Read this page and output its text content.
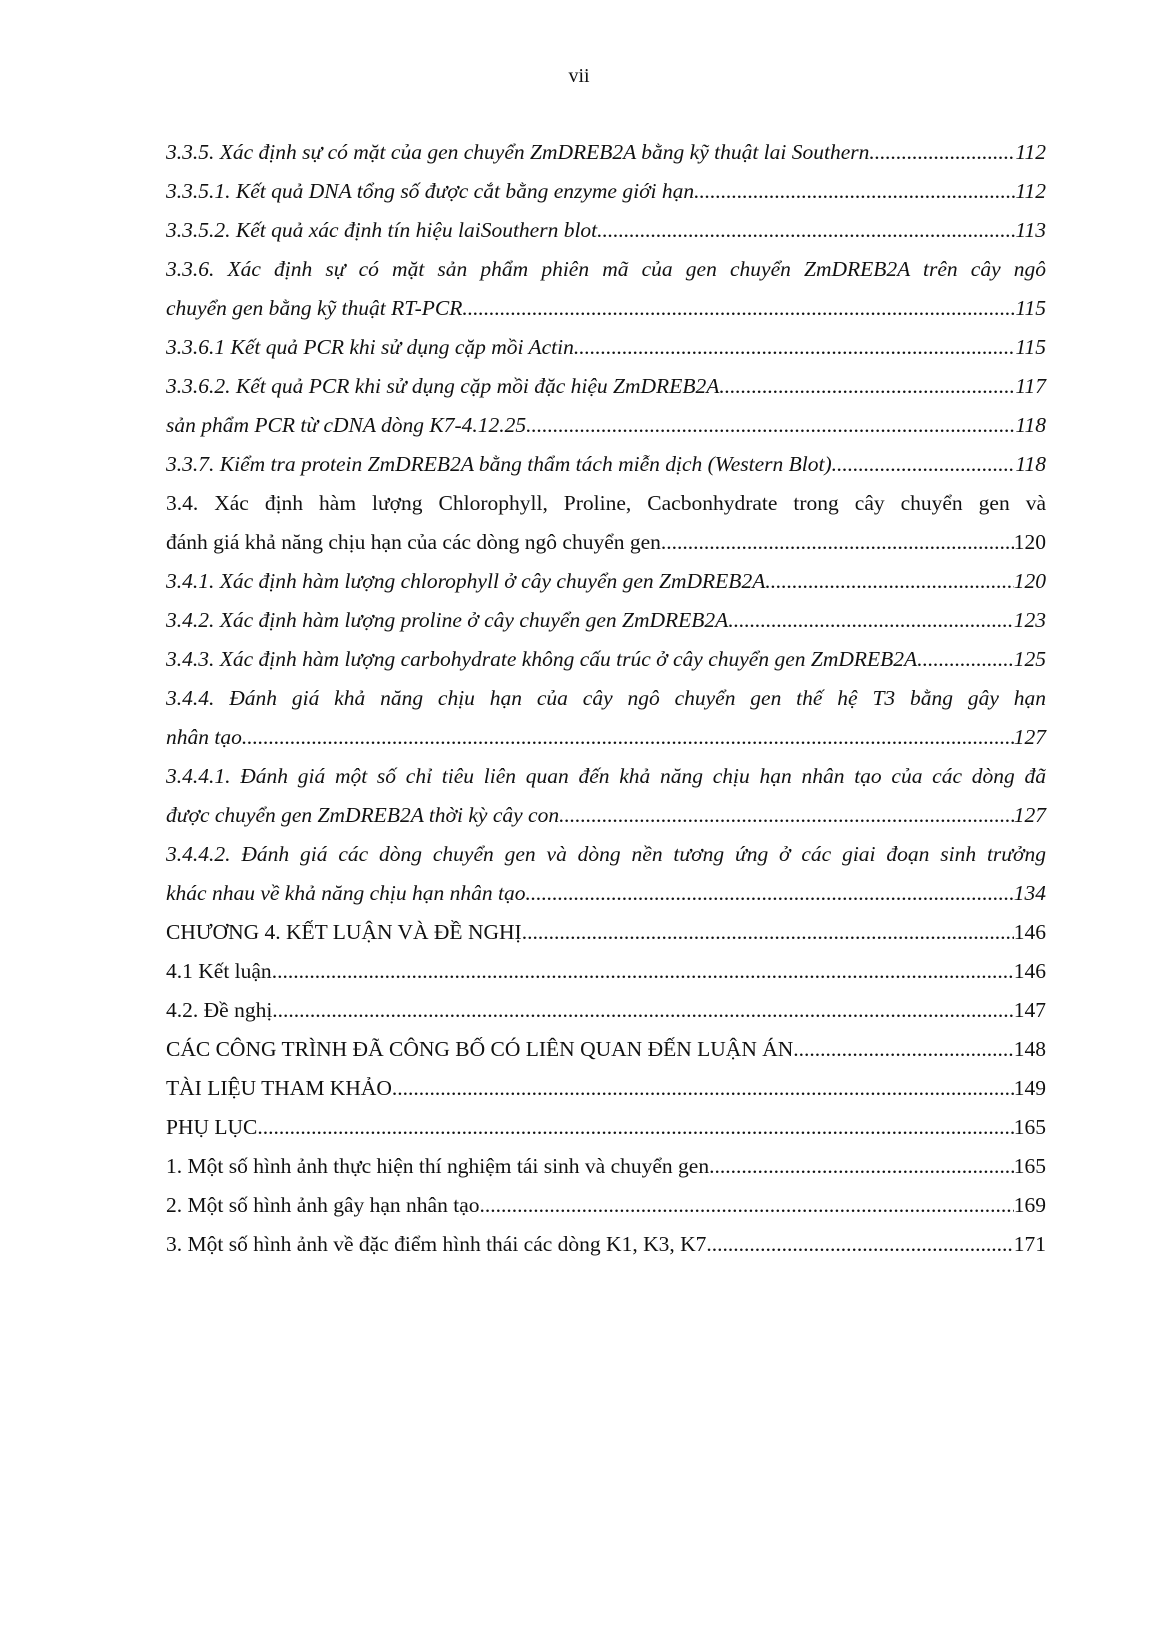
vii
3.3.5. Xác định sự có mặt của gen chuyển ZmDREB2A bằng kỹ thuật lai Southern .....	112
3.3.5.1. Kết quả DNA tổng số được cắt bằng enzyme giới hạn .....	112
3.3.5.2. Kết quả xác định tín hiệu laiSouthern blot .....	113
3.3.6. Xác định sự có mặt sản phẩm phiên mã của gen chuyển ZmDREB2A trên cây ngô
chuyển gen bằng kỹ thuật RT-PCR .....	115
3.3.6.1 Kết quả PCR khi sử dụng cặp mồi Actin .....	115
3.3.6.2. Kết quả PCR khi sử dụng cặp mồi đặc hiệu ZmDREB2A .....	117
sản phẩm PCR từ cDNA dòng K7-4.12.25 .....	118
3.3.7. Kiểm tra protein ZmDREB2A bằng thẩm tách miễn dịch (Western Blot) .....	118
3.4. Xác định hàm lượng Chlorophyll, Proline, Cacbonhydrate trong cây chuyển gen và
đánh giá khả năng chịu hạn của các dòng ngô chuyển gen .....	120
3.4.1. Xác định hàm lượng chlorophyll ở cây chuyển gen ZmDREB2A .....	120
3.4.2. Xác định hàm lượng proline ở cây chuyển gen ZmDREB2A .....	123
3.4.3. Xác định hàm lượng carbohydrate không cấu trúc ở cây chuyển gen ZmDREB2A .....	125
3.4.4. Đánh giá khả năng chịu hạn của cây ngô chuyển gen thế hệ T3 bằng gây hạn
nhân tạo .....	127
3.4.4.1. Đánh giá một số chỉ tiêu liên quan đến khả năng chịu hạn nhân tạo của các dòng đã
được chuyển gen ZmDREB2A thời kỳ cây con .....	127
3.4.4.2. Đánh giá các dòng chuyển gen và dòng nền tương ứng ở các giai đoạn sinh trưởng
khác nhau về khả năng chịu hạn nhân tạo .....	134
CHƯƠNG 4. KẾT LUẬN VÀ ĐỀ NGHỊ .....	146
4.1 Kết luận .....	146
4.2. Đề nghị .....	147
CÁC CÔNG TRÌNH ĐÃ CÔNG BỐ CÓ LIÊN QUAN ĐẾN LUẬN ÁN .....	148
TÀI LIỆU THAM KHẢO .....	149
PHỤ LỤC .....	165
1. Một số hình ảnh thực hiện thí nghiệm tái sinh và chuyển gen .....	165
2. Một số hình ảnh gây hạn nhân tạo .....	169
3. Một số hình ảnh về đặc điểm hình thái các dòng K1, K3, K7 .....	171
